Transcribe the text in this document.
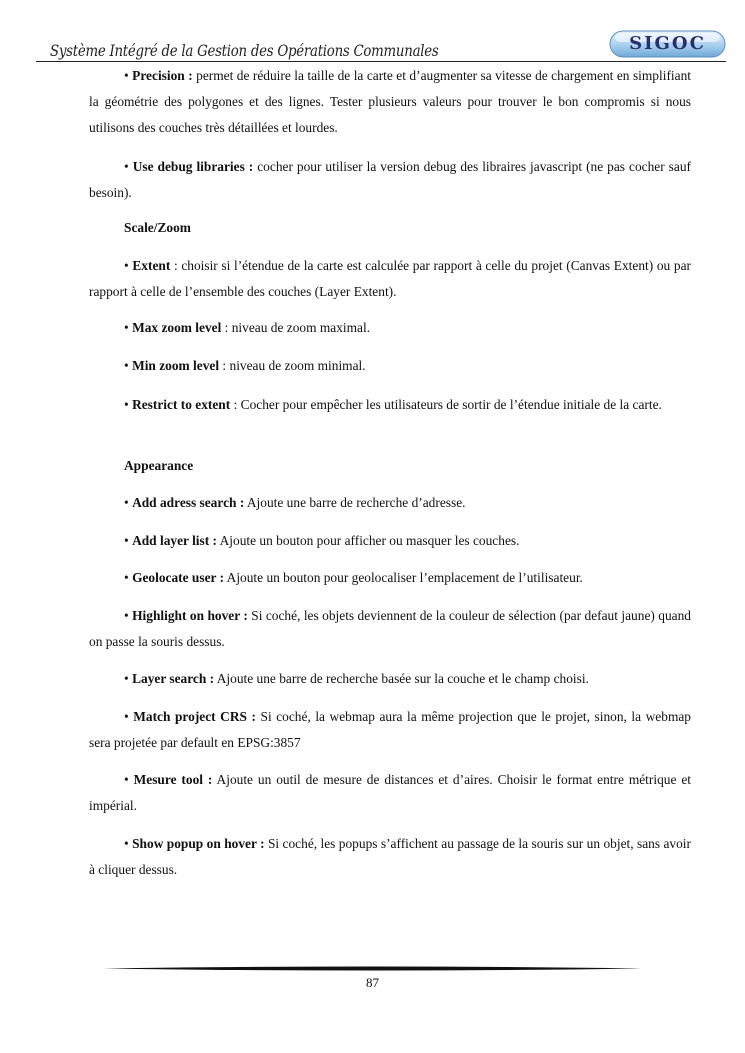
Système Intégré de la Gestion des Opérations Communales	SIGOC
• Precision : permet de réduire la taille de la carte et d’augmenter sa vitesse de chargement en simplifiant la géométrie des polygones et des lignes. Tester plusieurs valeurs pour trouver le bon compromis si nous utilisons des couches très détaillées et lourdes.
• Use debug libraries : cocher pour utiliser la version debug des libraires javascript (ne pas cocher sauf besoin).
Scale/Zoom
• Extent : choisir si l’étendue de la carte est calculée par rapport à celle du projet (Canvas Extent) ou par rapport à celle de l’ensemble des couches (Layer Extent).
• Max zoom level : niveau de zoom maximal.
• Min zoom level : niveau de zoom minimal.
• Restrict to extent : Cocher pour empêcher les utilisateurs de sortir de l’étendue initiale de la carte.
Appearance
• Add adress search : Ajoute une barre de recherche d’adresse.
• Add layer list : Ajoute un bouton pour afficher ou masquer les couches.
• Geolocate user : Ajoute un bouton pour geolocaliser l’emplacement de l’utilisateur.
• Highlight on hover : Si coché, les objets deviennent de la couleur de sélection (par defaut jaune) quand on passe la souris dessus.
• Layer search : Ajoute une barre de recherche basée sur la couche et le champ choisi.
• Match project CRS : Si coché, la webmap aura la même projection que le projet, sinon, la webmap sera projetée par default en EPSG:3857
• Mesure tool : Ajoute un outil de mesure de distances et d’aires. Choisir le format entre métrique et impérial.
• Show popup on hover : Si coché, les popups s’affichent au passage de la souris sur un objet, sans avoir à cliquer dessus.
87
